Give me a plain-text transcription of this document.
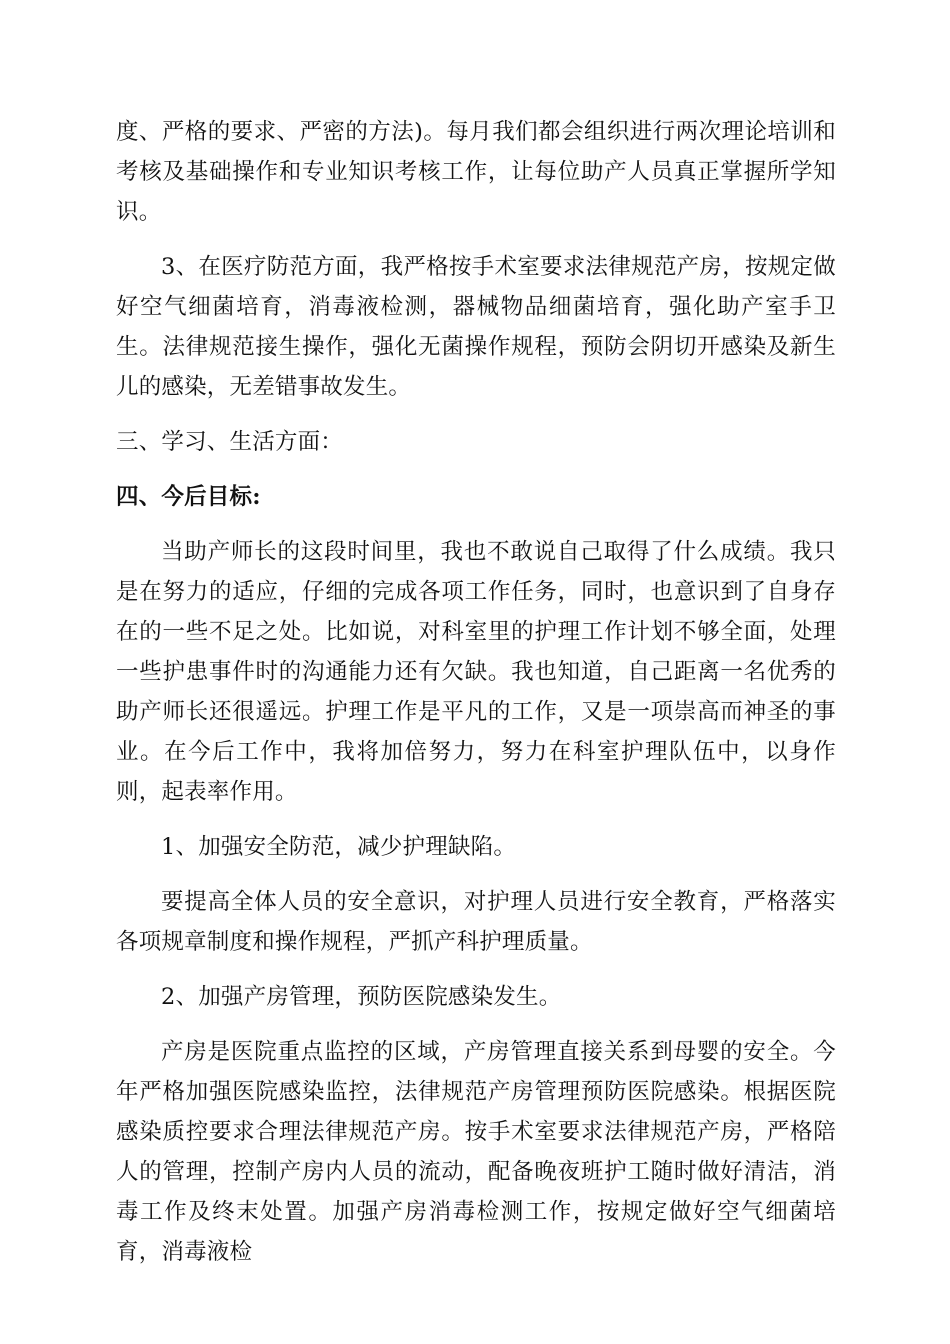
度、严格的要求、严密的方法)。每月我们都会组织进行两次理论培训和考核及基础操作和专业知识考核工作，让每位助产人员真正掌握所学知识。

3、在医疗防范方面，我严格按手术室要求法律规范产房，按规定做好空气细菌培育，消毒液检测，器械物品细菌培育，强化助产室手卫生。法律规范接生操作，强化无菌操作规程，预防会阴切开感染及新生儿的感染，无差错事故发生。

三、学习、生活方面：

四、今后目标:

当助产师长的这段时间里，我也不敢说自己取得了什么成绩。我只是在努力的适应，仔细的完成各项工作任务，同时，也意识到了自身存在的一些不足之处。比如说，对科室里的护理工作计划不够全面，处理一些护患事件时的沟通能力还有欠缺。我也知道，自己距离一名优秀的助产师长还很遥远。护理工作是平凡的工作，又是一项崇高而神圣的事业。在今后工作中，我将加倍努力，努力在科室护理队伍中，以身作则，起表率作用。

1、加强安全防范，减少护理缺陷。

要提高全体人员的安全意识，对护理人员进行安全教育，严格落实各项规章制度和操作规程，严抓产科护理质量。

2、加强产房管理，预防医院感染发生。

产房是医院重点监控的区域，产房管理直接关系到母婴的安全。今年严格加强医院感染监控，法律规范产房管理预防医院感染。根据医院感染质控要求合理法律规范产房。按手术室要求法律规范产房，严格陪人的管理，控制产房内人员的流动，配备晚夜班护工随时做好清洁，消毒工作及终末处置。加强产房消毒检测工作，按规定做好空气细菌培育，消毒液检
